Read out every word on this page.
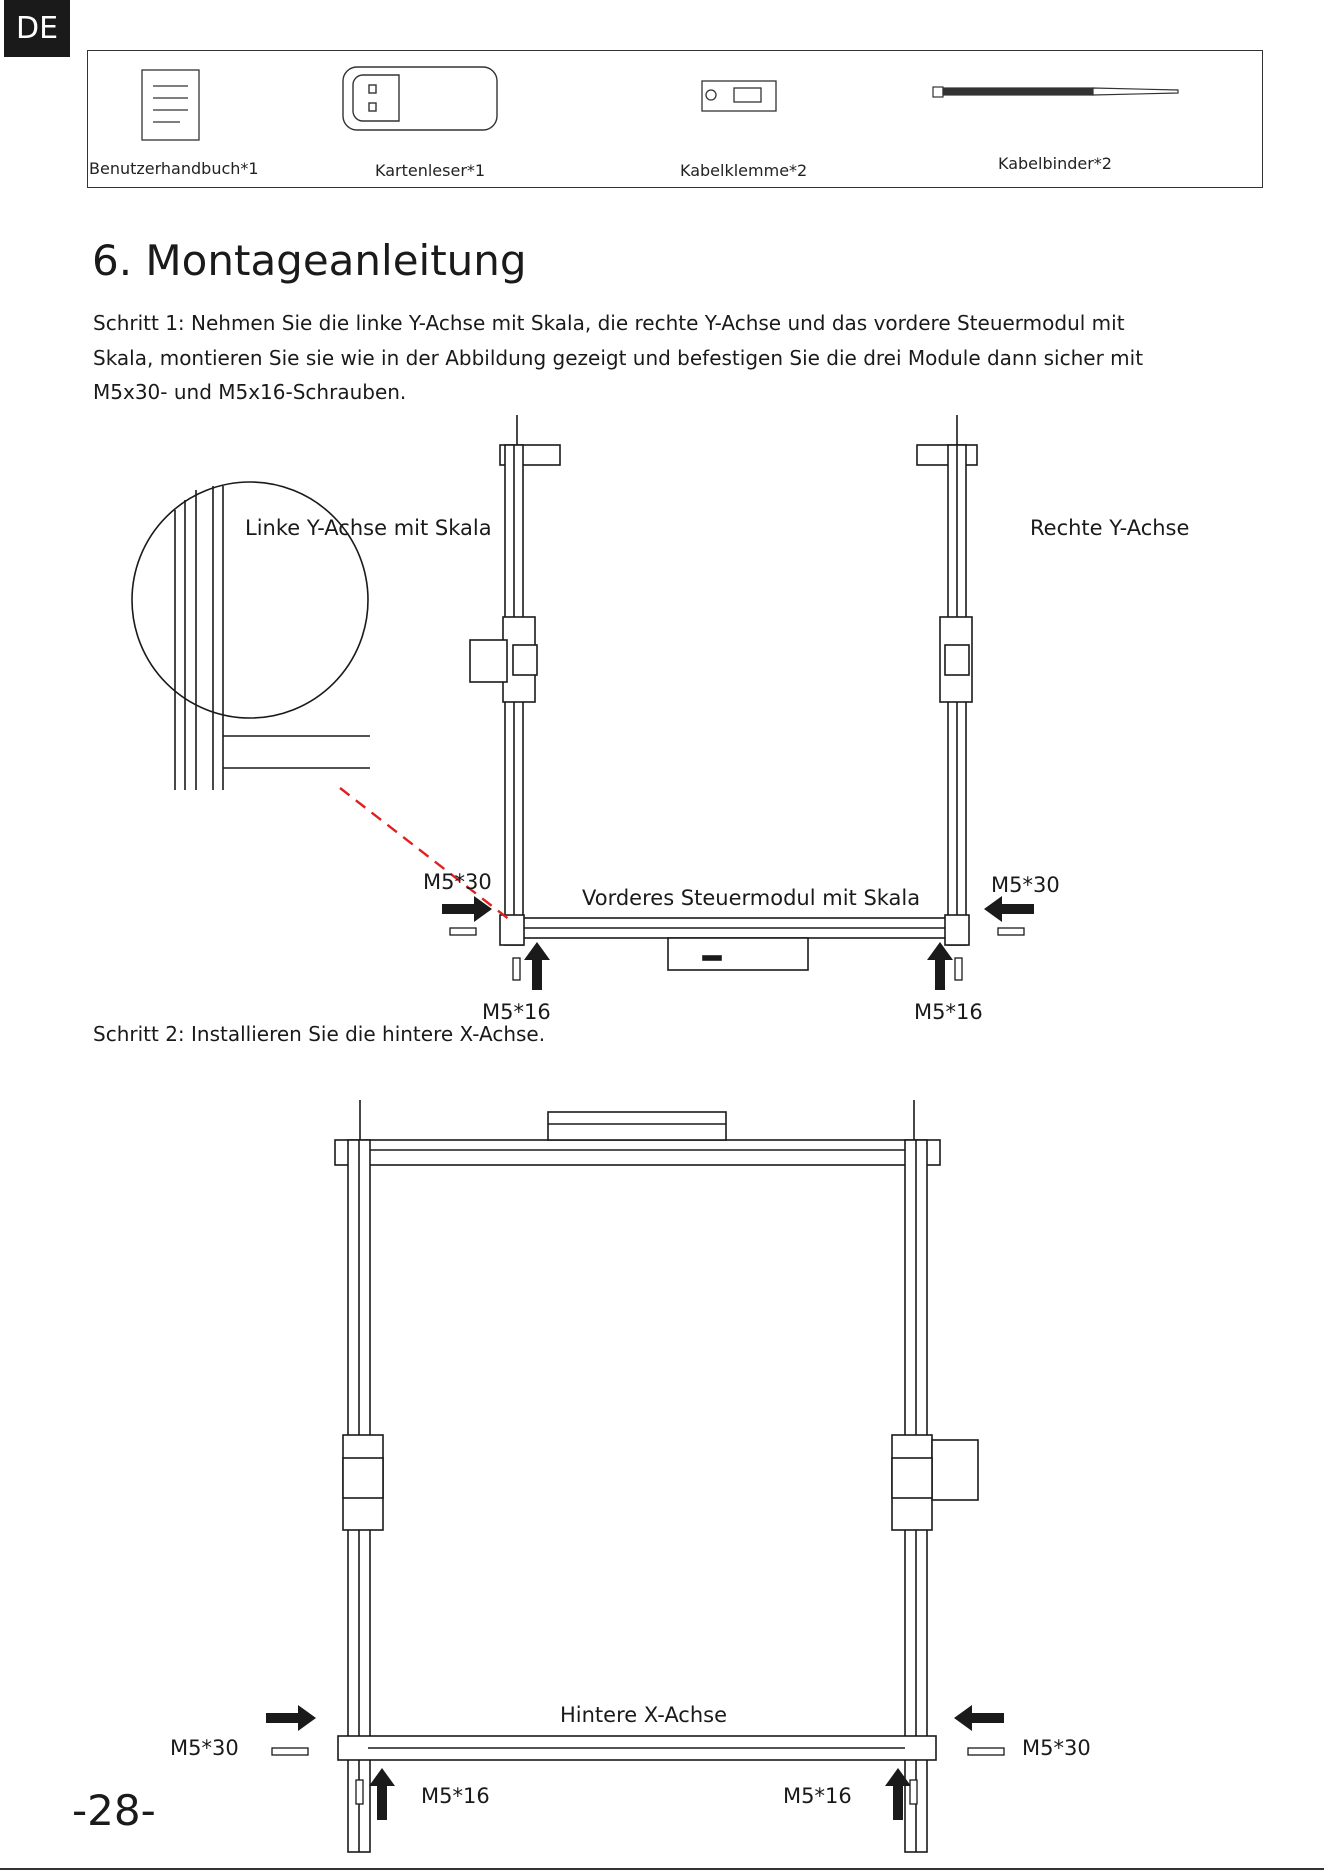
DE
Benutzerhandbuch*1	Kartenleser*1	Kabelklemme*2	Kabelbinder*2
6. Montageanleitung
Schritt 1: Nehmen Sie die linke Y-Achse mit Skala, die rechte Y-Achse und das vordere Steuermodul mit Skala, montieren Sie sie wie in der Abbildung gezeigt und befestigen Sie die drei Module dann sicher mit M5x30- und M5x16-Schrauben.
Linke Y-Achse mit Skala	Rechte Y-Achse
Vorderes Steuermodul mit Skala
M5*30	M5*30
M5*16	M5*16
Schritt 2: Installieren Sie die hintere X-Achse.
Hintere X-Achse
M5*30	M5*30
M5*16	M5*16
-28-
